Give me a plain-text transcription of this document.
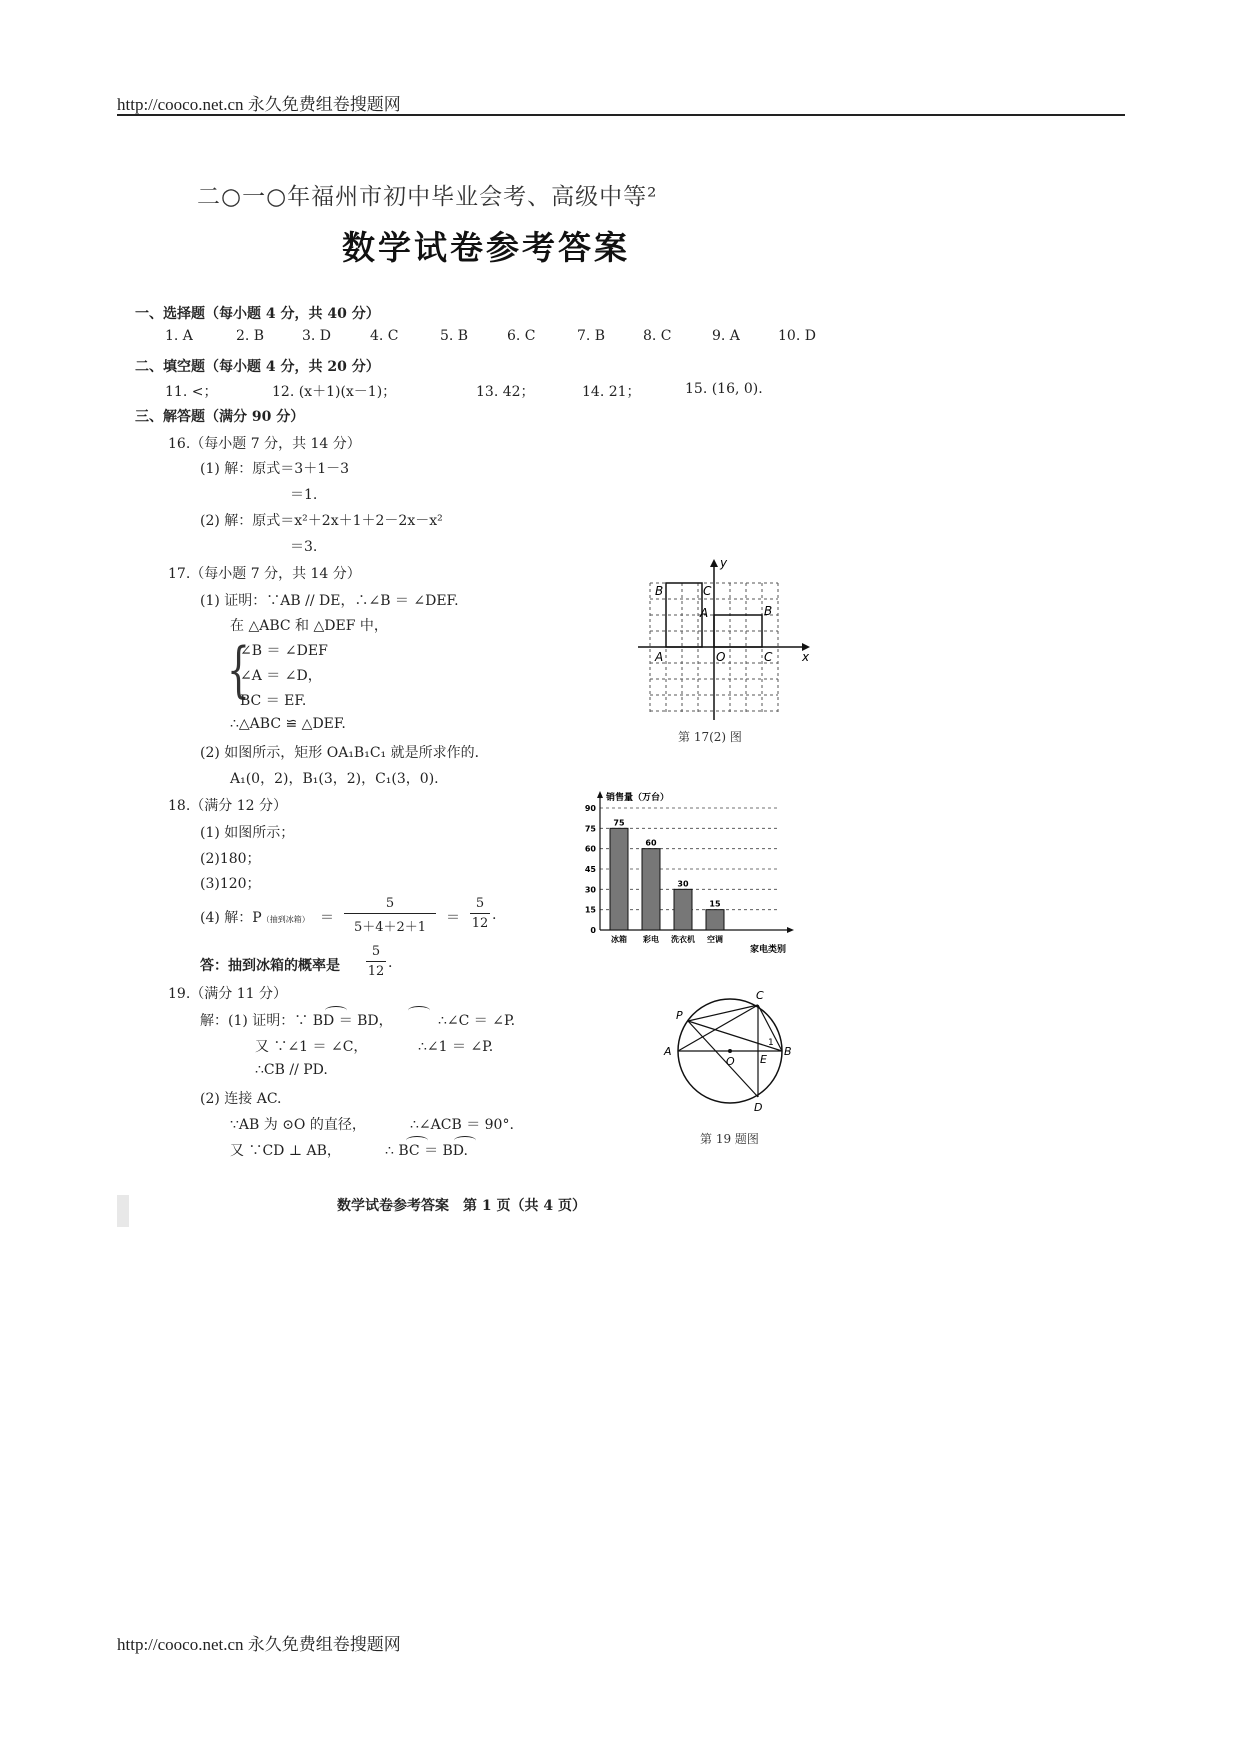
http://cooco.net.cn 永久免费组卷搜题网
二○一○年福州市初中毕业会考、高级中等²
数学试卷参考答案
一、选择题（每小题 4 分，共 40 分）
1. A	2. B	3. D	4. C	5. B	6. C	7. B	8. C	9. A	10. D
二、填空题（每小题 4 分，共 20 分）
11. <；	12. (x＋1)(x－1)；	13. 42；	14. 21；	15. (16, 0).
三、解答题（满分 90 分）
16.（每小题 7 分，共 14 分）
(1) 解：原式＝3＋1－3
＝1.
(2) 解：原式＝x²＋2x＋1＋2－2x－x²
＝3.
17.（每小题 7 分，共 14 分）
(1) 证明：∵AB // DE，∴∠B ＝ ∠DEF.
在 △ABC 和 △DEF 中，
{
∠B ＝ ∠DEF
∠A ＝ ∠D，
BC ＝ EF.
∴△ABC ≌ △DEF.
(2) 如图所示，矩形 OA₁B₁C₁ 就是所求作的．
A₁(0，2)，B₁(3，2)，C₁(3，0).
18.（满分 12 分）
(1) 如图所示；
(2)180；
(3)120；
(4) 解：P（抽到冰箱） ＝
5
5＋4＋2＋1
＝
5
12
.
答：抽到冰箱的概率是
5
12
.
19.（满分 11 分）
解：(1) 证明：∵ BD ＝ BD，	∴∠C ＝ ∠P.
又 ∵∠1 ＝ ∠C，	∴∠1 ＝ ∠P.
∴CB // PD.
(2) 连接 AC.
∵AB 为 ⊙O 的直径，	∴∠ACB ＝ 90°.
又 ∵CD ⊥ AB，	∴ BC ＝ BD.
y
x
B	C
A	B
A	O	C
第 17(2) 图
销售量（万台）
家电类别
0
15
30
45
60
75
90
75
冰箱
60
彩电
30
洗衣机
15
空调
C
P
A
O E
B
D
1
第 19 题图
数学试卷参考答案　第 1 页（共 4 页）
http://cooco.net.cn 永久免费组卷搜题网
